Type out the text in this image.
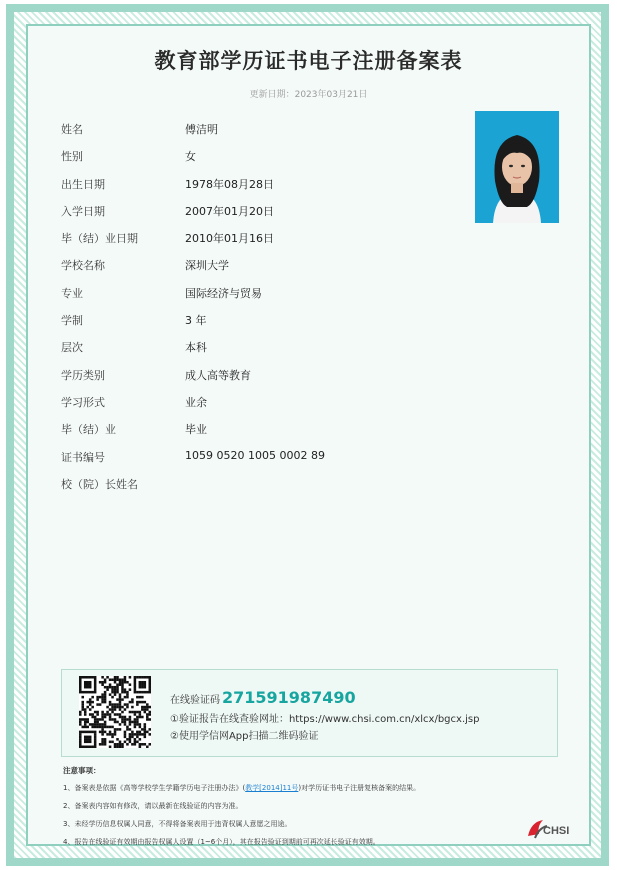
教育部学历证书电子注册备案表
更新日期：2023年03月21日
姓名	傅洁明
性别	女
出生日期	1978年08月28日
入学日期	2007年01月20日
毕（结）业日期	2010年01月16日
学校名称	深圳大学
专业	国际经济与贸易
学制	3 年
层次	本科
学历类别	成人高等教育
学习形式	业余
毕（结）业	毕业
证书编号	1059 0520 1005 0002 89
校（院）长姓名
在线验证码 271591987490
①验证报告在线查验网址：https://www.chsi.com.cn/xlcx/bgcx.jsp
②使用学信网App扫描二维码验证
注意事项：
1、备案表是依据《高等学校学生学籍学历电子注册办法》(教学[2014]11号)对学历证书电子注册复核备案的结果。
2、备案表内容如有修改，请以最新在线验证的内容为准。
3、未经学历信息权属人同意，不得将备案表用于违背权属人意愿之用途。
4、报告在线验证有效期由报告权属人设置（1~6个月），其在报告验证到期前可再次延长验证有效期。
CHSI
